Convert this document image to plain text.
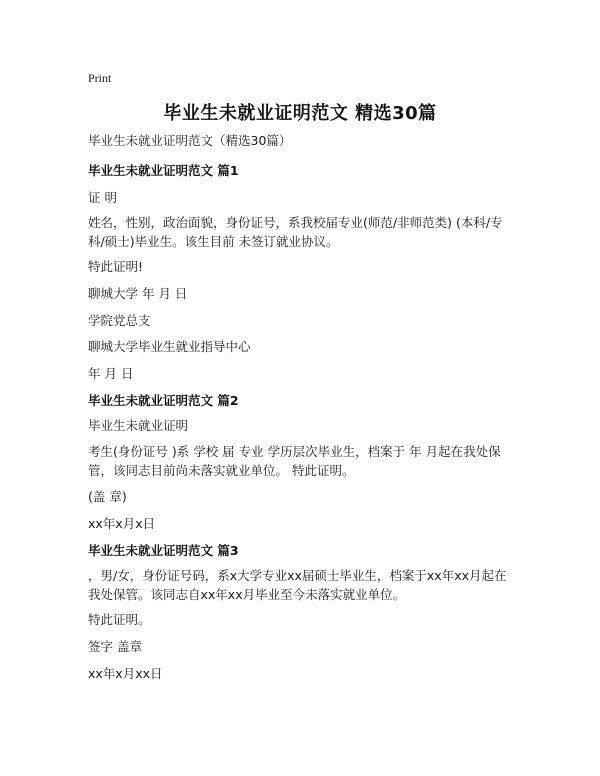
Print
毕业生未就业证明范文 精选30篇
毕业生未就业证明范文（精选30篇）
毕业生未就业证明范文 篇1
证 明
姓名，性别，政治面貌，身份证号，系我校届专业(师范/非师范类) (本科/专科/硕士)毕业生。该生目前 未签订就业协议。
特此证明!
聊城大学 年 月 日
学院党总支
聊城大学毕业生就业指导中心
年 月 日
毕业生未就业证明范文 篇2
毕业生未就业证明
考生(身份证号 )系 学校 届 专业 学历层次毕业生，档案于 年 月起在我处保管，该同志目前尚未落实就业单位。 特此证明。
(盖 章)
xx年x月x日
毕业生未就业证明范文 篇3
，男/女，身份证号码，系x大学专业xx届硕士毕业生，档案于xx年xx月起在我处保管。该同志自xx年xx月毕业至今未落实就业单位。
特此证明。
签字 盖章
xx年x月xx日
